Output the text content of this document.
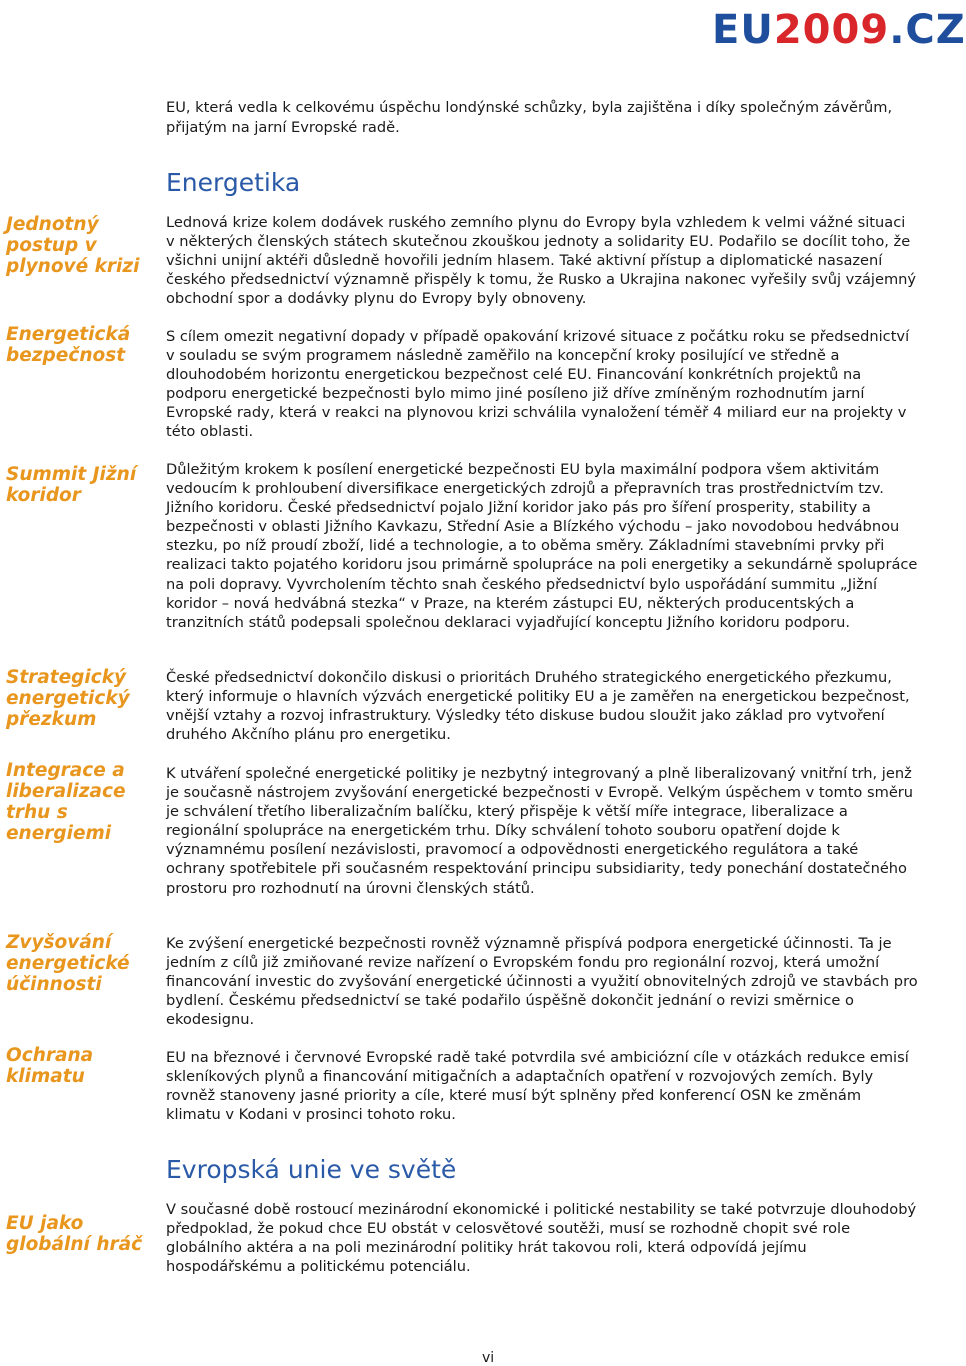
E U 2 0 0 9 . C Z
EU, která vedla k celkovému úspěchu londýnské schůzky, byla zajištěna i díky společným závěrům, přijatým na jarní Evropské radě.
Energetika
Jednotný postup v plynové krizi
Energetická bezpečnost
Summit Jižní koridor
Strategický energetický přezkum
Integrace a liberalizace trhu s energiemi
Zvyšování energetické účinnosti
Ochrana klimatu
EU jako globální hráč

Lednová krize kolem dodávek ruského zemního plynu do Evropy byla vzhledem k velmi vážné situaci v některých členských státech skutečnou zkouškou jednoty a solidarity EU. Podařilo se docílit toho, že všichni unijní aktéři důsledně hovořili jedním hlasem. Také aktivní přístup a diplomatické nasazení českého předsednictví významně přispěly k tomu, že Rusko a Ukrajina nakonec vyřešily svůj vzájemný obchodní spor a dodávky plynu do Evropy byly obnoveny.

S cílem omezit negativní dopady v případě opakování krizové situace z počátku roku se předsednictví v souladu se svým programem následně zaměřilo na koncepční kroky posilující ve středně a dlouhodobém horizontu energetickou bezpečnost celé EU. Financování konkrétních projektů na podporu energetické bezpečnosti bylo mimo jiné posíleno již dříve zmíněným rozhodnutím jarní Evropské rady, která v reakci na plynovou krizi schválila vynaložení téměř 4 miliard eur na projekty v této oblasti.

Důležitým krokem k posílení energetické bezpečnosti EU byla maximální podpora všem aktivitám vedoucím k prohloubení diversifikace energetických zdrojů a přepravních tras prostřednictvím tzv. Jižního koridoru. České předsednictví pojalo Jižní koridor jako pás pro šíření prosperity, stability a bezpečnosti v oblasti Jižního Kavkazu, Střední Asie a Blízkého východu – jako novodobou hedvábnou stezku, po níž proudí zboží, lidé a technologie, a to oběma směry. Základními stavebními prvky při realizaci takto pojatého koridoru jsou primárně spolupráce na poli energetiky a sekundárně spolupráce na poli dopravy. Vyvrcholením těchto snah českého předsednictví bylo uspořádání summitu „Jižní koridor – nová hedvábná stezka“ v Praze, na kterém zástupci EU, některých producentských a tranzitních států podepsali společnou deklaraci vyjadřující konceptu Jižního koridoru podporu.

České předsednictví dokončilo diskusi o prioritách Druhého strategického energetického přezkumu, který informuje o hlavních výzvách energetické politiky EU a je zaměřen na energetickou bezpečnost, vnější vztahy a rozvoj infrastruktury. Výsledky této diskuse budou sloužit jako základ pro vytvoření druhého Akčního plánu pro energetiku.

K utváření společné energetické politiky je nezbytný integrovaný a plně liberalizovaný vnitřní trh, jenž je současně nástrojem zvyšování energetické bezpečnosti v Evropě. Velkým úspěchem v tomto směru je schválení třetího liberalizačním balíčku, který přispěje k větší míře integrace, liberalizace a regionální spolupráce na energetickém trhu. Díky schválení tohoto souboru opatření dojde k významnému posílení nezávislosti, pravomocí a odpovědnosti energetického regulátora a také ochrany spotřebitele při současném respektování principu subsidiarity, tedy ponechání dostatečného prostoru pro rozhodnutí na úrovni členských států.

Ke zvýšení energetické bezpečnosti rovněž významně přispívá podpora energetické účinnosti. Ta je jedním z cílů již zmiňované revize nařízení o Evropském fondu pro regionální rozvoj, která umožní financování investic do zvyšování energetické účinnosti a využití obnovitelných zdrojů ve stavbách pro bydlení. Českému předsednictví se také podařilo úspěšně dokončit jednání o revizi směrnice o ekodesignu.

EU na březnové i červnové Evropské radě také potvrdila své ambiciózní cíle v otázkách redukce emisí skleníkových plynů a financování mitigačních a adaptačních opatření v rozvojových zemích. Byly rovněž stanoveny jasné priority a cíle, které musí být splněny před konferencí OSN ke změnám klimatu v Kodani v prosinci tohoto roku.

Evropská unie ve světě

V současné době rostoucí mezinárodní ekonomické i politické nestability se také potvrzuje dlouhodobý předpoklad, že pokud chce EU obstát v celosvětové soutěži, musí se rozhodně chopit své role globálního aktéra a na poli mezinárodní politiky hrát takovou roli, která odpovídá jejímu hospodářskému a politickému potenciálu.

vi
